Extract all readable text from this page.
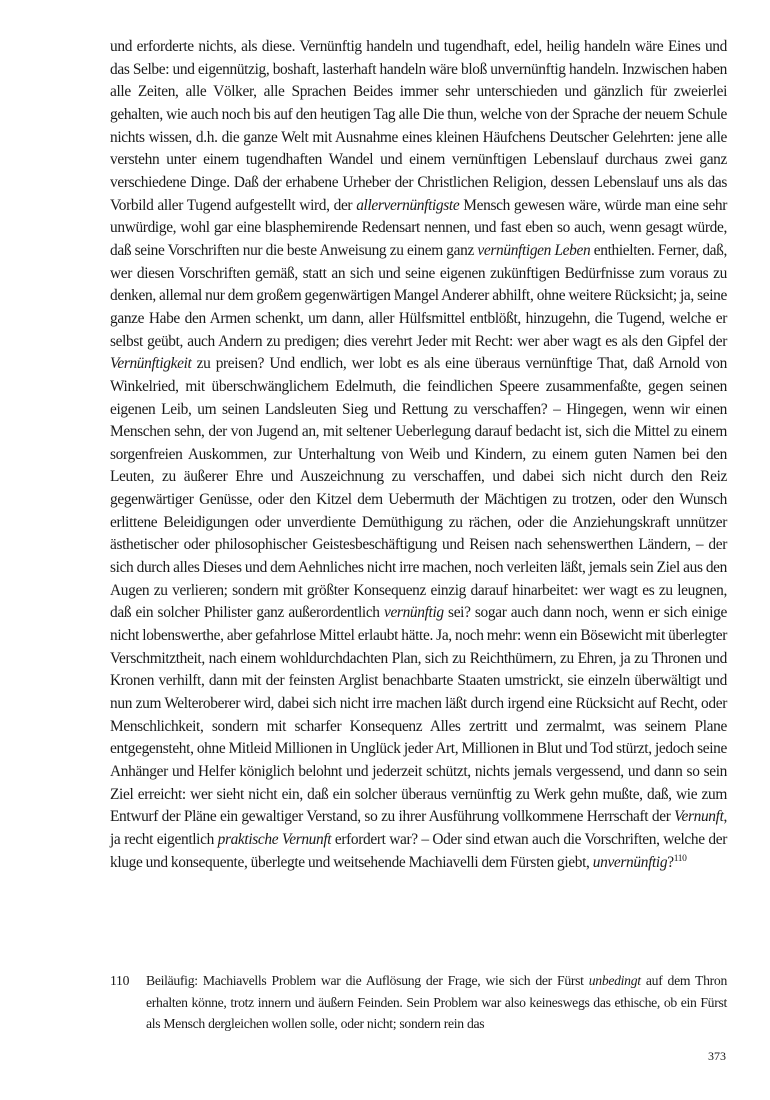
und erforderte nichts, als diese. Vernünftig handeln und tugendhaft, edel, heilig handeln wäre Eines und das Selbe: und eigennützig, boshaft, lasterhaft handeln wäre bloß unvernünftig handeln. Inzwischen haben alle Zeiten, alle Völker, alle Sprachen Beides immer sehr unterschieden und gänzlich für zweierlei gehalten, wie auch noch bis auf den heutigen Tag alle Die thun, welche von der Sprache der neuem Schule nichts wissen, d.h. die ganze Welt mit Ausnahme eines kleinen Häufchens Deutscher Gelehrten: jene alle verstehn unter einem tugendhaften Wandel und einem vernünftigen Lebenslauf durchaus zwei ganz verschiedene Dinge. Daß der erhabene Urheber der Christlichen Religion, dessen Lebenslauf uns als das Vorbild aller Tugend aufgestellt wird, der allervernünftigste Mensch gewesen wäre, würde man eine sehr unwürdige, wohl gar eine blasphemirende Redensart nennen, und fast eben so auch, wenn gesagt würde, daß seine Vorschriften nur die beste Anweisung zu einem ganz vernünftigen Leben enthielten. Ferner, daß, wer diesen Vorschriften gemäß, statt an sich und seine eigenen zukünftigen Bedürfnisse zum voraus zu denken, allemal nur dem großem gegenwärtigen Mangel Anderer abhilft, ohne weitere Rücksicht; ja, seine ganze Habe den Armen schenkt, um dann, aller Hülfsmittel entblößt, hinzugehn, die Tugend, welche er selbst geübt, auch Andern zu predigen; dies verehrt Jeder mit Recht: wer aber wagt es als den Gipfel der Vernünftigkeit zu preisen? Und endlich, wer lobt es als eine überaus vernünftige That, daß Arnold von Winkelried, mit überschwänglichem Edelmuth, die feindlichen Speere zusammenfaßte, gegen seinen eigenen Leib, um seinen Landsleuten Sieg und Rettung zu verschaffen? – Hingegen, wenn wir einen Menschen sehn, der von Jugend an, mit seltener Ueberlegung darauf bedacht ist, sich die Mittel zu einem sorgenfreien Auskommen, zur Unterhaltung von Weib und Kindern, zu einem guten Namen bei den Leuten, zu äußerer Ehre und Auszeichnung zu verschaffen, und dabei sich nicht durch den Reiz gegenwärtiger Genüsse, oder den Kitzel dem Uebermuth der Mächtigen zu trotzen, oder den Wunsch erlittene Beleidigungen oder unverdiente Demüthigung zu rächen, oder die Anziehungskraft unnützer ästhetischer oder philosophischer Geistesbeschäftigung und Reisen nach sehenswerthen Ländern, – der sich durch alles Dieses und dem Aehnliches nicht irre machen, noch verleiten läßt, jemals sein Ziel aus den Augen zu verlieren; sondern mit größter Konsequenz einzig darauf hinarbeitet: wer wagt es zu leugnen, daß ein solcher Philister ganz außerordentlich vernünftig sei? sogar auch dann noch, wenn er sich einige nicht lobenswerthe, aber gefahrlose Mittel erlaubt hätte. Ja, noch mehr: wenn ein Bösewicht mit überlegter Verschmitztheit, nach einem wohldurchdachten Plan, sich zu Reichthümern, zu Ehren, ja zu Thronen und Kronen verhilft, dann mit der feinsten Arglist benachbarte Staaten umstrickt, sie einzeln überwältigt und nun zum Welteroberer wird, dabei sich nicht irre machen läßt durch irgend eine Rücksicht auf Recht, oder Menschlichkeit, sondern mit scharfer Konsequenz Alles zertritt und zermalmt, was seinem Plane entgegensteht, ohne Mitleid Millionen in Unglück jeder Art, Millionen in Blut und Tod stürzt, jedoch seine Anhänger und Helfer königlich belohnt und jederzeit schützt, nichts jemals vergessend, und dann so sein Ziel erreicht: wer sieht nicht ein, daß ein solcher überaus vernünftig zu Werk gehn mußte, daß, wie zum Entwurf der Pläne ein gewaltiger Verstand, so zu ihrer Ausführung vollkommene Herrschaft der Vernunft, ja recht eigentlich praktische Vernunft erfordert war? – Oder sind etwan auch die Vorschriften, welche der kluge und konsequente, überlegte und weitsehende Machiavelli dem Fürsten giebt, unvernünftig?$^{110}$

110 Beiläufig: Machiavells Problem war die Auflösung der Frage, wie sich der Fürst unbedingt auf dem Thron erhalten könne, trotz innern und äußern Feinden. Sein Problem war also keineswegs das ethische, ob ein Fürst als Mensch dergleichen wollen solle, oder nicht; sondern rein das

373
